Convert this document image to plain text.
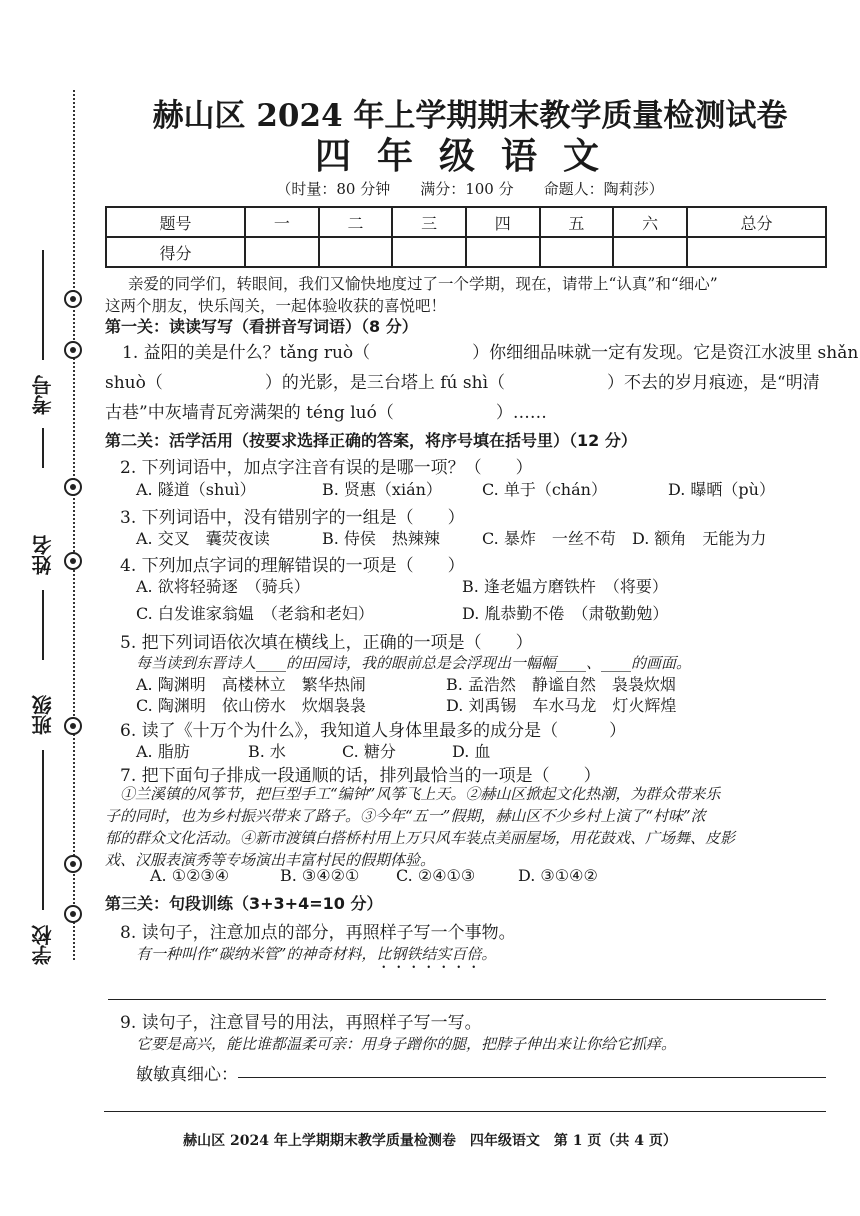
考号
姓名
班级
学校
赫山区 2024 年上学期期末教学质量检测试卷
四年级语文
（时量：80 分钟　　满分：100 分　　命题人：陶莉莎）
题号	一	二	三	四	五	六	总分
得分							
亲爱的同学们，转眼间，我们又愉快地度过了一个学期，现在，请带上“认真”和“细心”
这两个朋友，快乐闯关，一起体验收获的喜悦吧！
第一关：读读写写（看拼音写词语）（8 分）
1. 益阳的美是什么？tǎng ruò（　　　　　　）你细细品味就一定有发现。它是资江水波里 shǎn
shuò（　　　　　　）的光影，是三台塔上 fú shì（　　　　　　）不去的岁月痕迹，是“明清
古巷”中灰墙青瓦旁满架的 téng luó（　　　　　　）……
第二关：活学活用（按要求选择正确的答案，将序号填在括号里）（12 分）
2. 下列词语中，加点字注音有误的是哪一项？（　　）
A. 隧道（shuì）	B. 贤惠（xián）	C. 单于（chán）	D. 曝晒（pù）
3. 下列词语中，没有错别字的一组是（　　）
A. 交叉　囊荧夜读	B. 侍侯　热辣辣	C. 暴炸　一丝不苟 D. 额角　无能为力
4. 下列加点字词的理解错误的一项是（　　）
A. 欲将轻骑逐　（骑兵）	B. 逢老媪方磨铁杵　（将要）
C. 白发谁家翁媪　（老翁和老妇）	D. 胤恭勤不倦　（肃敬勤勉）
5. 把下列词语依次填在横线上，正确的一项是（　　）
每当读到东晋诗人____的田园诗，我的眼前总是会浮现出一幅幅____、____的画面。
A. 陶渊明　高楼林立　繁华热闹	B. 孟浩然　静谧自然　袅袅炊烟
C. 陶渊明　依山傍水　炊烟袅袅	D. 刘禹锡　车水马龙　灯火辉煌
6. 读了《十万个为什么》，我知道人身体里最多的成分是（　　　）
A. 脂肪	B. 水	C. 糖分	D. 血
7. 把下面句子排成一段通顺的话，排列最恰当的一项是（　　）
①兰溪镇的风筝节，把巨型手工“编钟”风筝飞上天。②赫山区掀起文化热潮，为群众带来乐
子的同时，也为乡村振兴带来了路子。③今年“五一”假期，赫山区不少乡村上演了“村味”浓
郁的群众文化活动。④新市渡镇白搭桥村用上万只风车装点美丽屋场，用花鼓戏、广场舞、皮影
戏、汉服表演秀等专场演出丰富村民的假期体验。
A. ①②③④	B. ③④②① C. ②④①③	D. ③①④②
第三关：句段训练（3+3+4=10 分）
8. 读句子，注意加点的部分，再照样子写一个事物。
有一种叫作“碳纳米管”的神奇材料，比钢铁结实百倍。
9. 读句子，注意冒号的用法，再照样子写一写。
它要是高兴，能比谁都温柔可亲：用身子蹭你的腿，把脖子伸出来让你给它抓痒。
敏敏真细心：
赫山区 2024 年上学期期末教学质量检测卷　四年级语文　第 1 页（共 4 页）
